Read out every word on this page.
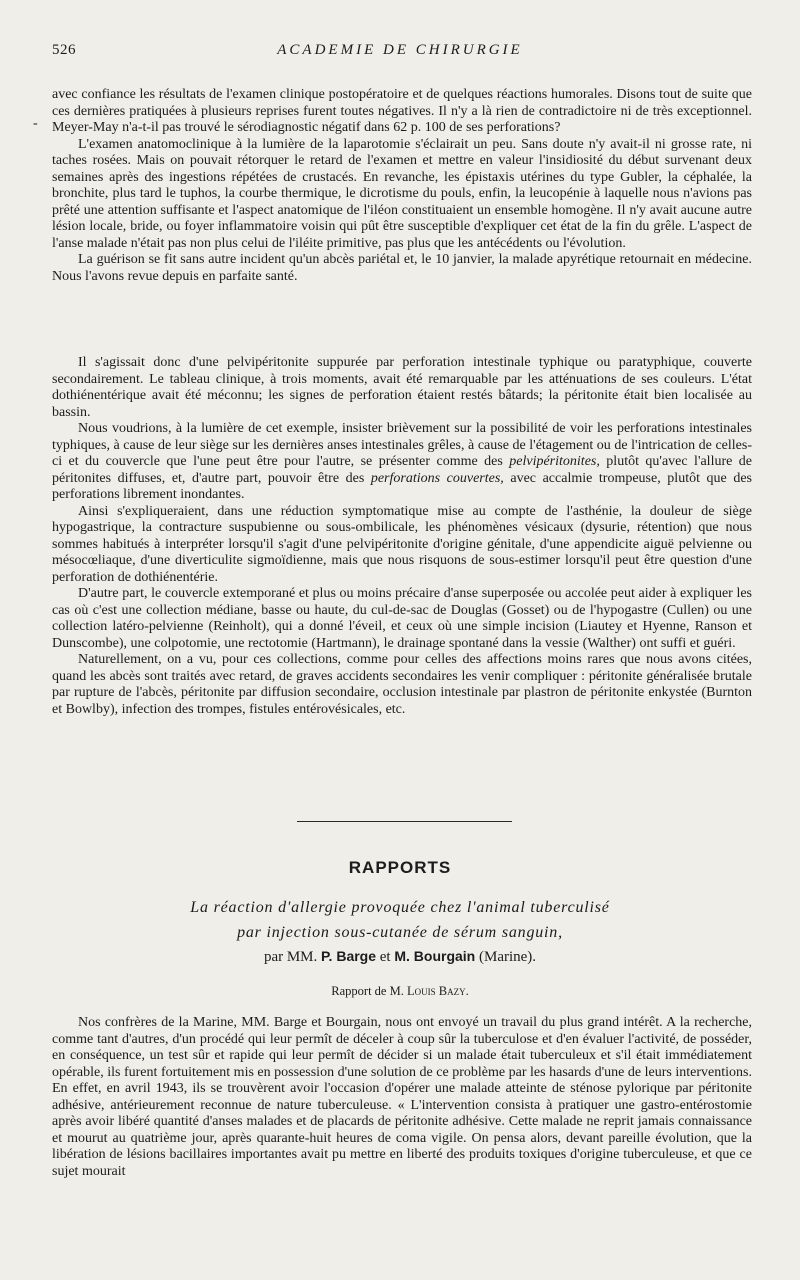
526	ACADEMIE DE CHIRURGIE
-

avec confiance les résultats de l'examen clinique postopératoire et de quelques réactions humorales. Disons tout de suite que ces dernières pratiquées à plusieurs reprises furent toutes négatives. Il n'y a là rien de contradictoire ni de très exceptionnel. Meyer-May n'a-t-il pas trouvé le sérodiagnostic négatif dans 62 p. 100 de ses perforations?

L'examen anatomoclinique à la lumière de la laparotomie s'éclairait un peu. Sans doute n'y avait-il ni grosse rate, ni taches rosées. Mais on pouvait rétorquer le retard de l'examen et mettre en valeur l'insidiosité du début survenant deux semaines après des ingestions répétées de crustacés. En revanche, les épistaxis utérines du type Gubler, la céphalée, la bronchite, plus tard le tuphos, la courbe thermique, le dicrotisme du pouls, enfin, la leucopénie à laquelle nous n'avions pas prêté une attention suffisante et l'aspect anatomique de l'iléon constituaient un ensemble homogène. Il n'y avait aucune autre lésion locale, bride, ou foyer inflammatoire voisin qui pût être susceptible d'expliquer cet état de la fin du grêle. L'aspect de l'anse malade n'était pas non plus celui de l'iléite primitive, pas plus que les antécédents ou l'évolution.

La guérison se fit sans autre incident qu'un abcès pariétal et, le 10 janvier, la malade apyrétique retournait en médecine. Nous l'avons revue depuis en parfaite santé.

Il s'agissait donc d'une pelvipéritonite suppurée par perforation intestinale typhique ou paratyphique, couverte secondairement. Le tableau clinique, à trois moments, avait été remarquable par les atténuations de ses couleurs. L'état dothiénentérique avait été méconnu; les signes de perforation étaient restés bâtards; la péritonite était bien localisée au bassin.

Nous voudrions, à la lumière de cet exemple, insister brièvement sur la possibilité de voir les perforations intestinales typhiques, à cause de leur siège sur les dernières anses intestinales grêles, à cause de l'étagement ou de l'intrication de celles-ci et du couvercle que l'une peut être pour l'autre, se présenter comme des pelvipéritonites, plutôt qu'avec l'allure de péritonites diffuses, et, d'autre part, pouvoir être des perforations couvertes, avec accalmie trompeuse, plutôt que des perforations librement inondantes.

Ainsi s'expliqueraient, dans une réduction symptomatique mise au compte de l'asthénie, la douleur de siège hypogastrique, la contracture suspubienne ou sous-ombilicale, les phénomènes vésicaux (dysurie, rétention) que nous sommes habitués à interpréter lorsqu'il s'agit d'une pelvipéritonite d'origine génitale, d'une appendicite aiguë pelvienne ou mésocœliaque, d'une diverticulite sigmoïdienne, mais que nous risquons de sous-estimer lorsqu'il peut être question d'une perforation de dothiénentérie.

D'autre part, le couvercle extemporané et plus ou moins précaire d'anse superposée ou accolée peut aider à expliquer les cas où c'est une collection médiane, basse ou haute, du cul-de-sac de Douglas (Gosset) ou de l'hypogastre (Cullen) ou une collection latéro-pelvienne (Reinholt), qui a donné l'éveil, et ceux où une simple incision (Liautey et Hyenne, Ranson et Dunscombe), une colpotomie, une rectotomie (Hartmann), le drainage spontané dans la vessie (Walther) ont suffi et guéri.

Naturellement, on a vu, pour ces collections, comme pour celles des affections moins rares que nous avons citées, quand les abcès sont traités avec retard, de graves accidents secondaires les venir compliquer : péritonite généralisée brutale par rupture de l'abcès, péritonite par diffusion secondaire, occlusion intestinale par plastron de péritonite enkystée (Burnton et Bowlby), infection des trompes, fistules entérovésicales, etc.

RAPPORTS
La réaction d'allergie provoquée chez l'animal tuberculisé
par injection sous-cutanée de sérum sanguin,
par MM. P. Barge et M. Bourgain (Marine).
Rapport de M. Louis Bazy.

Nos confrères de la Marine, MM. Barge et Bourgain, nous ont envoyé un travail du plus grand intérêt. A la recherche, comme tant d'autres, d'un procédé qui leur permît de déceler à coup sûr la tuberculose et d'en évaluer l'activité, de posséder, en conséquence, un test sûr et rapide qui leur permît de décider si un malade était tuberculeux et s'il était immédiatement opérable, ils furent fortuitement mis en possession d'une solution de ce problème par les hasards d'une de leurs interventions. En effet, en avril 1943, ils se trouvèrent avoir l'occasion d'opérer une malade atteinte de sténose pylorique par péritonite adhésive, antérieurement reconnue de nature tuberculeuse. « L'intervention consista à pratiquer une gastro-entérostomie après avoir libéré quantité d'anses malades et de placards de péritonite adhésive. Cette malade ne reprit jamais connaissance et mourut au quatrième jour, après quarante-huit heures de coma vigile. On pensa alors, devant pareille évolution, que la libération de lésions bacillaires importantes avait pu mettre en liberté des produits toxiques d'origine tuberculeuse, et que ce sujet mourait
